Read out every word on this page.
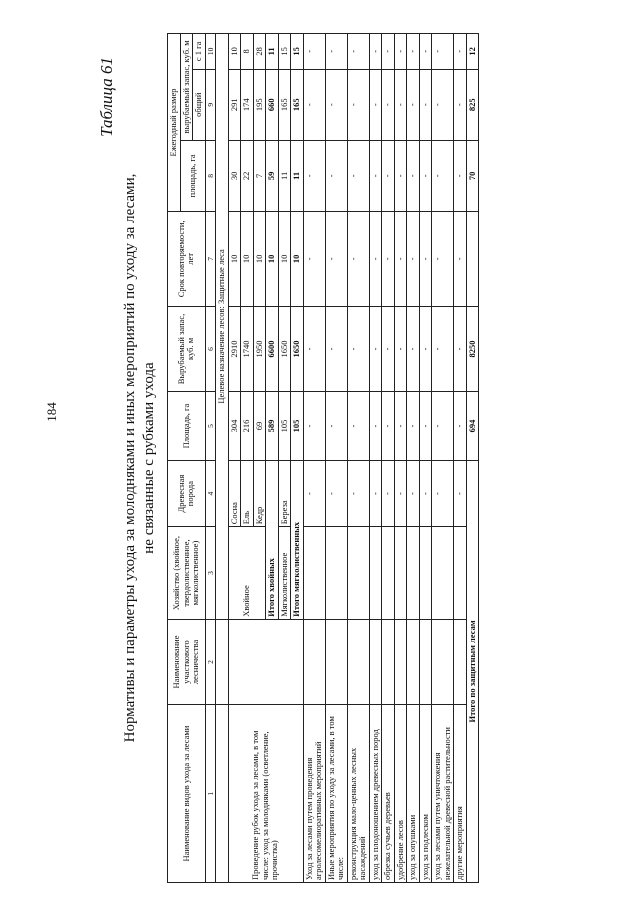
184
Таблица 61
Нормативы и параметры ухода за молодняками и иных мероприятий по уходу за лесами, не связанные с рубками ухода
Наименование видов ухода за лесами	Наименование участкового лесничества	Хозяйство (хвойное, твердолиственное, мягколиственное)	Древесная порода	Площадь, га	Вырубаемый запас, куб. м	Срок повторяемости, лет	Ежегодный размер		
							площадь, га	вырубаемый запас, куб. м	
								общий	с 1 га
1	2	3	4	5	6	7	8	9	10
		Целевое назначение лесов: Защитные леса							
Проведение рубок ухода за лесами, в том числе: уход за молодняками (осветление, прочистка)		Хвойное	Сосна	304	2910	10	30	291	10
			Ель	216	1740	10	22	174	8
			Кедр	69	1950	10	7	195	28
		Итого хвойных		589	6600	10	59	660	11
		Мягколиственное	Береза	105	1650	10	11	165	15
		Итого мягколиственных		105	1650	10	11	165	15
Уход за лесами путем проведения агролесомелиоративных мероприятий			-	-	-	-	-	-	-
Иные мероприятия по уходу за лесами, в том числе:			-	-	-	-	-	-	-
реконструкция мало-ценных лесных насаждений			-	-	-	-	-	-	-
уход за плодоношением древесных пород			-	-	-	-	-	-	-
обрезка сучьев деревьев			-	-	-	-	-	-	-
удобрение лесов			-	-	-	-	-	-	-
уход за опушками			-	-	-	-	-	-	-
уход за подлеском			-	-	-	-	-	-	-
уход за лесами путем уничтожения нежелательной древесной растительности			-	-	-	-	-	-	-
другие мероприятия			-	-	-	-	-	-	-
Итого по защитным лесам				694	8250		70	825	12
